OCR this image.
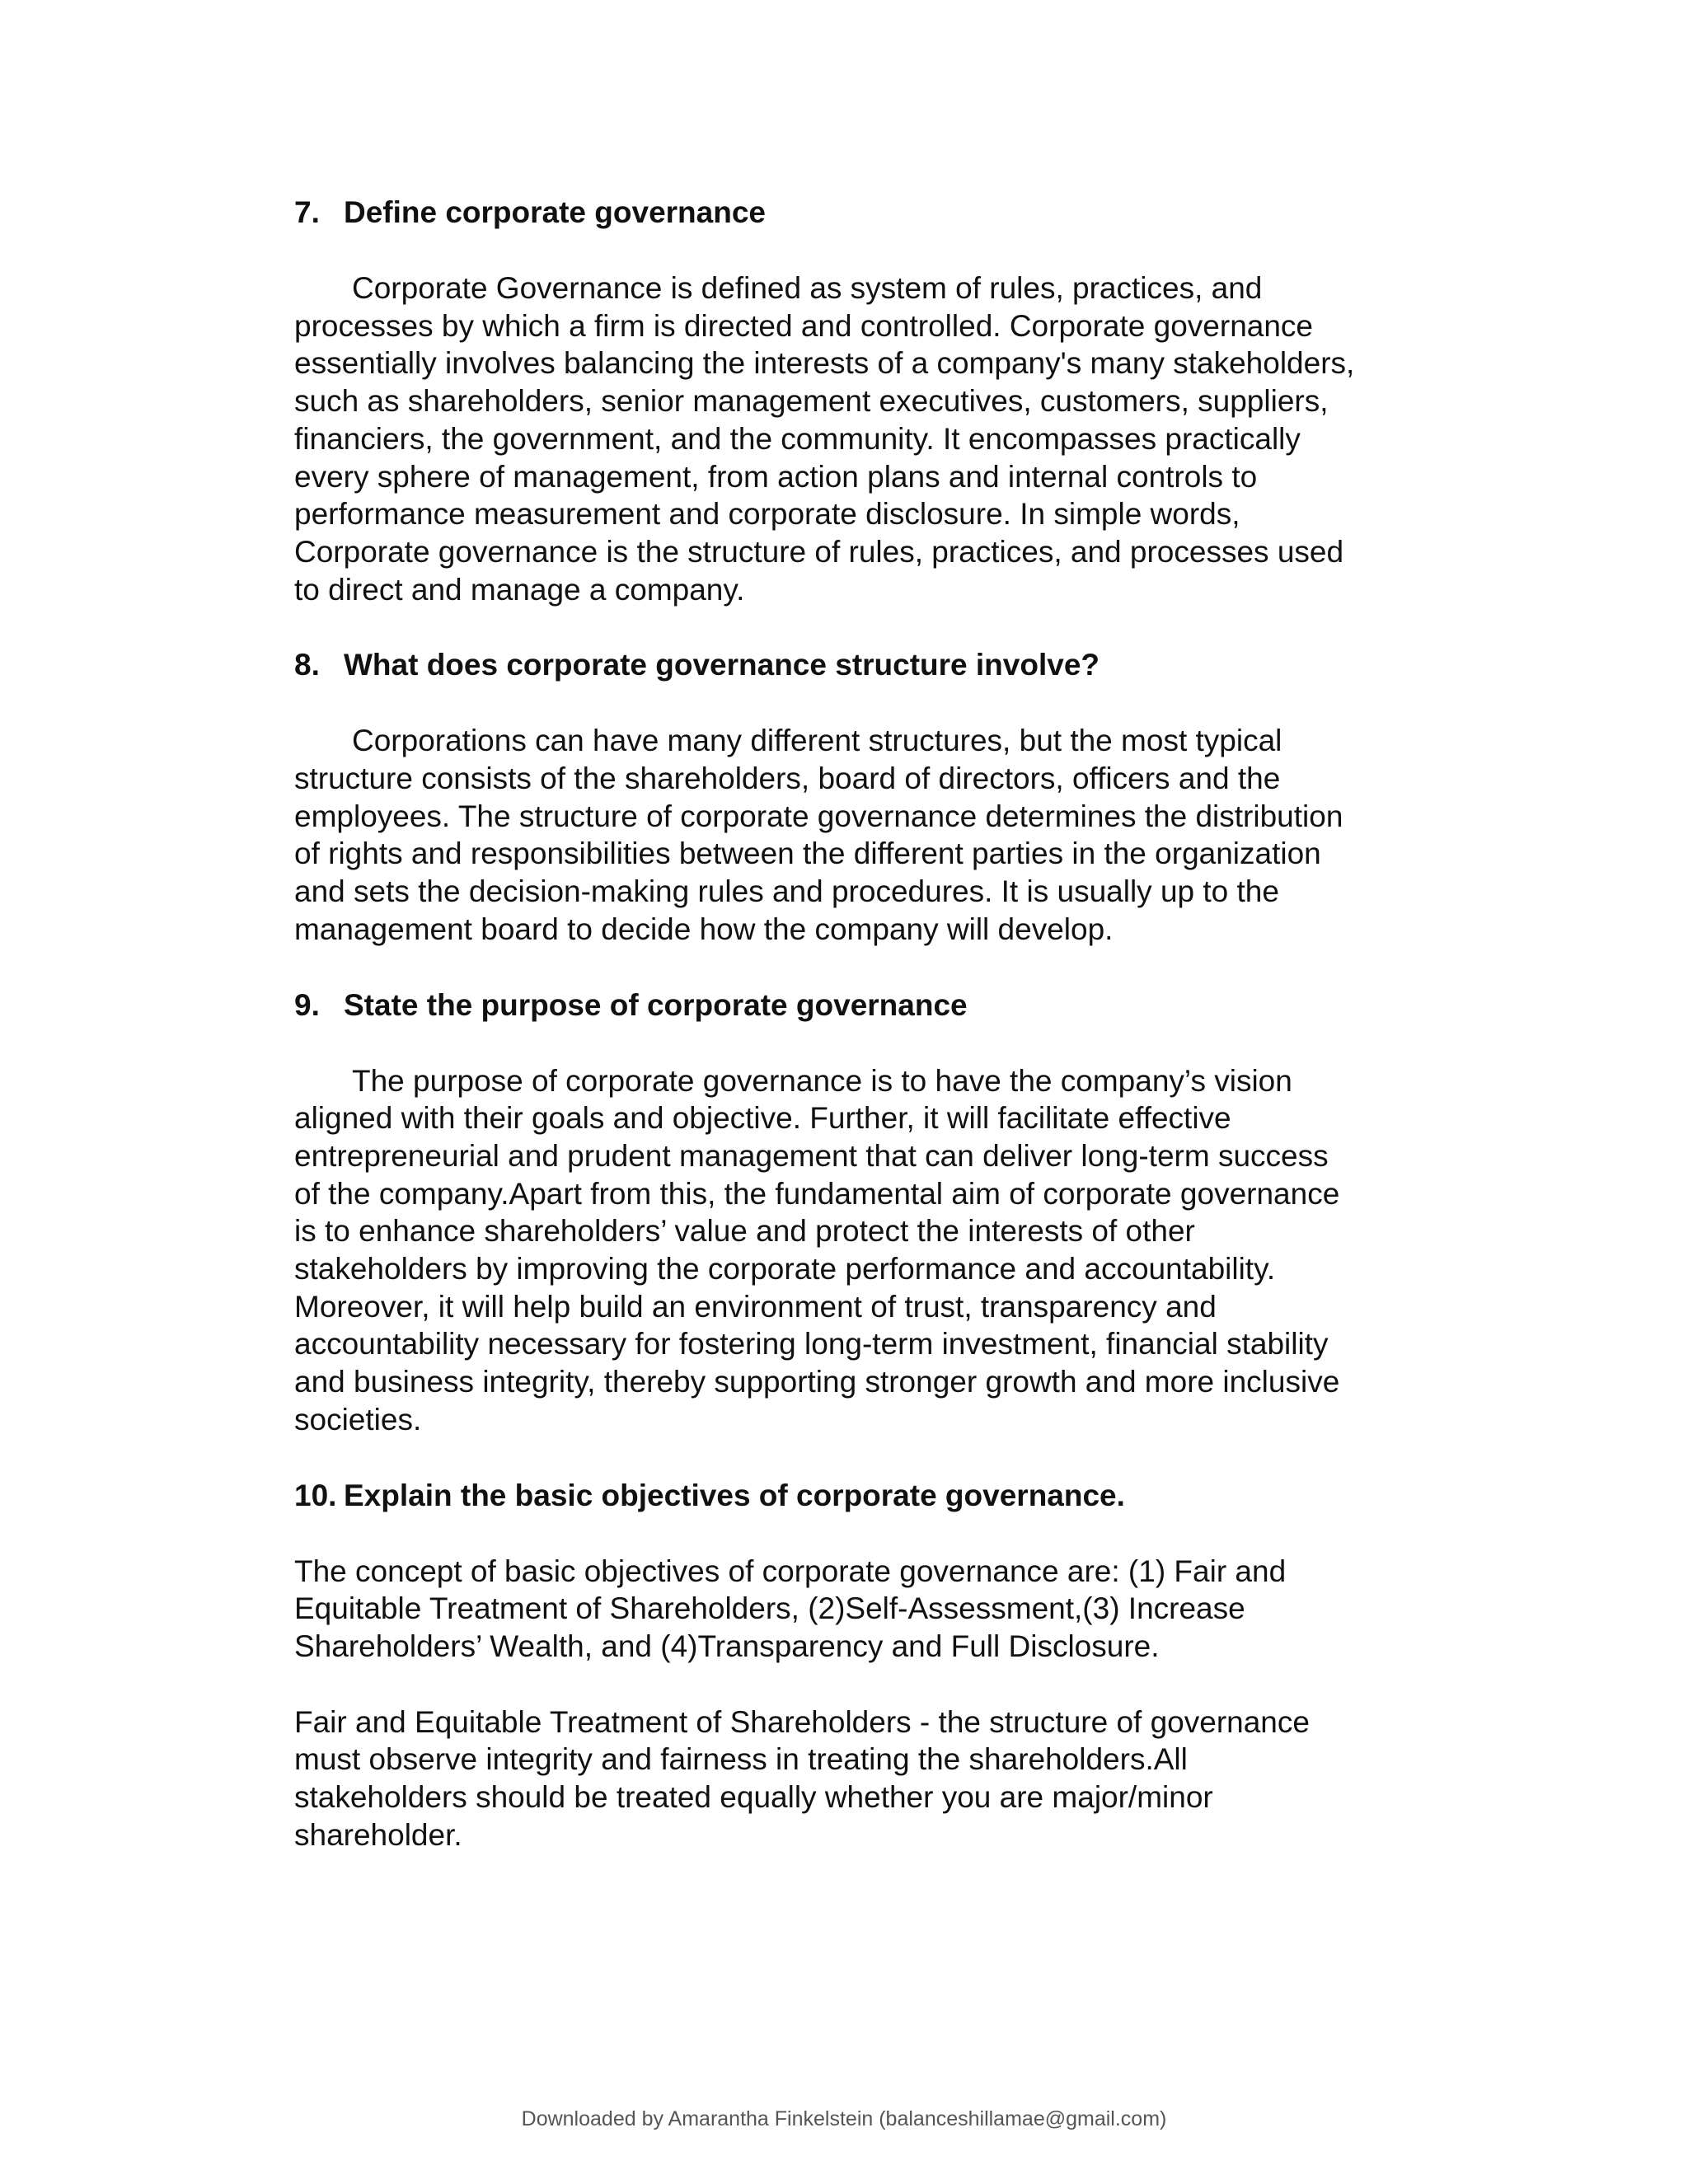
7. Define corporate governance

Corporate Governance is defined as system of rules, practices, and
processes by which a firm is directed and controlled. Corporate governance
essentially involves balancing the interests of a company's many stakeholders,
such as shareholders, senior management executives, customers, suppliers,
financiers, the government, and the community. It encompasses practically
every sphere of management, from action plans and internal controls to
performance measurement and corporate disclosure. In simple words,
Corporate governance is the structure of rules, practices, and processes used
to direct and manage a company.

8. What does corporate governance structure involve?

Corporations can have many different structures, but the most typical
structure consists of the shareholders, board of directors, officers and the
employees. The structure of corporate governance determines the distribution
of rights and responsibilities between the different parties in the organization
and sets the decision-making rules and procedures. It is usually up to the
management board to decide how the company will develop.

9. State the purpose of corporate governance

The purpose of corporate governance is to have the company’s vision
aligned with their goals and objective. Further, it will facilitate effective
entrepreneurial and prudent management that can deliver long-term success
of the company.Apart from this, the fundamental aim of corporate governance
is to enhance shareholders’ value and protect the interests of other
stakeholders by improving the corporate performance and accountability.
Moreover, it will help build an environment of trust, transparency and
accountability necessary for fostering long-term investment, financial stability
and business integrity, thereby supporting stronger growth and more inclusive
societies.

10. Explain the basic objectives of corporate governance.

The concept of basic objectives of corporate governance are: (1) Fair and
Equitable Treatment of Shareholders, (2)Self-Assessment,(3) Increase
Shareholders’ Wealth, and (4)Transparency and Full Disclosure.

Fair and Equitable Treatment of Shareholders - the structure of governance
must observe integrity and fairness in treating the shareholders.All
stakeholders should be treated equally whether you are major/minor
shareholder.

Downloaded by Amarantha Finkelstein (balanceshillamae@gmail.com)
